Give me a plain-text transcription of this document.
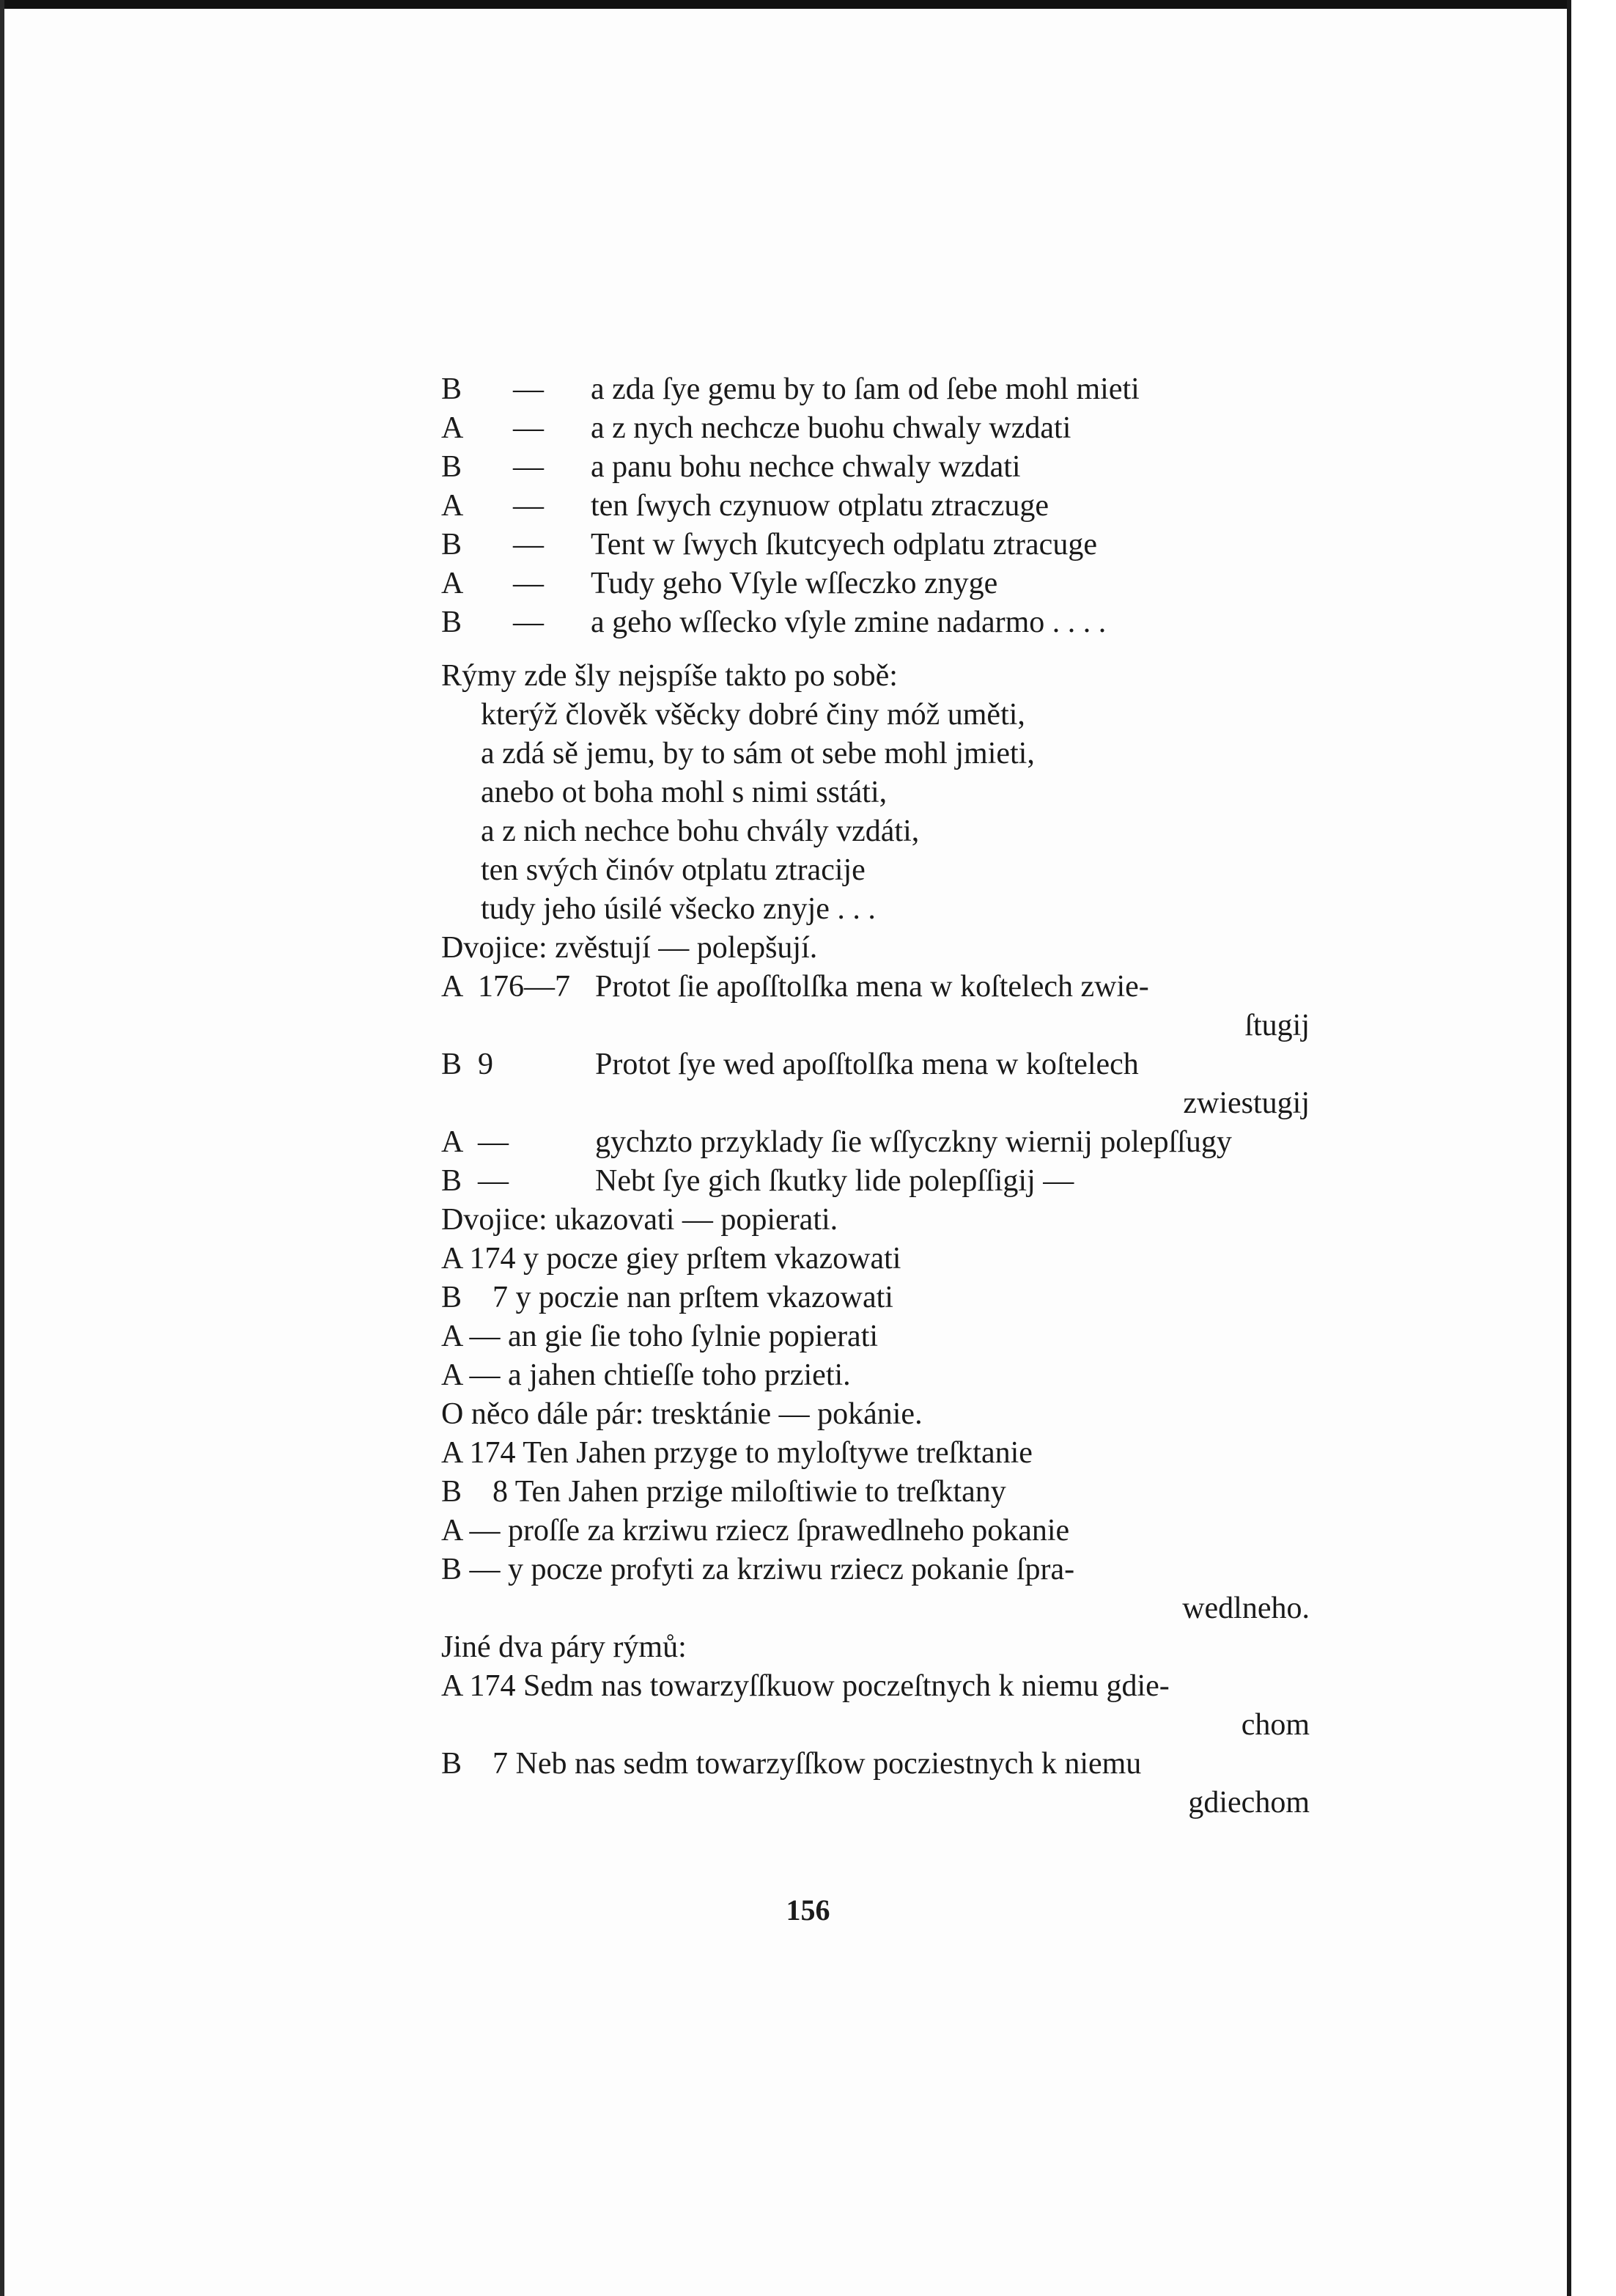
B — a zda ſye gemu by to ſam od ſebe mohl mieti
A — a z nych nechcze buohu chwaly wzdati
B — a panu bohu nechce chwaly wzdati
A — ten ſwych czynuow otplatu ztraczuge
B — Tent w ſwych ſkutcyech odplatu ztracuge
A — Tudy geho Vſyle wſſeczko znyge
B — a geho wſſecko vſyle zmine nadarmo . . . .
Rýmy zde šly nejspíše takto po sobě:
kterýž člověk všěcky dobré činy móž uměti,
a zdá sě jemu, by to sám ot sebe mohl jmieti,
anebo ot boha mohl s nimi sstáti,
a z nich nechce bohu chvály vzdáti,
ten svých činóv otplatu ztracije
tudy jeho úsilé všecko znyje . . .
Dvojice: zvěstují — polepšují.
A 176—7 Protot ſie apoſſtolſka mena w koſtelech zwie-
ſtugij
B 9	Protot ſye wed apoſſtolſka mena w koſtelech
zwiestugij
A —	gychzto przyklady ſie wſſyczkny wiernij polepſſugy
B —	Nebt ſye gich ſkutky lide polepſſigij —
Dvojice: ukazovati — popierati.
A 174 y pocze giey prſtem vkazowati
B    7 y poczie nan prſtem vkazowati
A — an gie ſie toho ſylnie popierati
A — a jahen chtieſſe toho przieti.
O něco dále pár: tresktánie — pokánie.
A 174 Ten Jahen przyge to myloſtywe treſktanie
B    8 Ten Jahen przige miloſtiwie to treſktany
A — proſſe za krziwu rziecz ſprawedlneho pokanie
B — y pocze profyti za krziwu rziecz pokanie ſpra-
wedlneho.
Jiné dva páry rýmů:
A 174 Sedm nas towarzyſſkuow poczeſtnych k niemu gdie-
chom
B    7 Neb nas sedm towarzyſſkow pocziestnych k niemu
gdiechom
156
